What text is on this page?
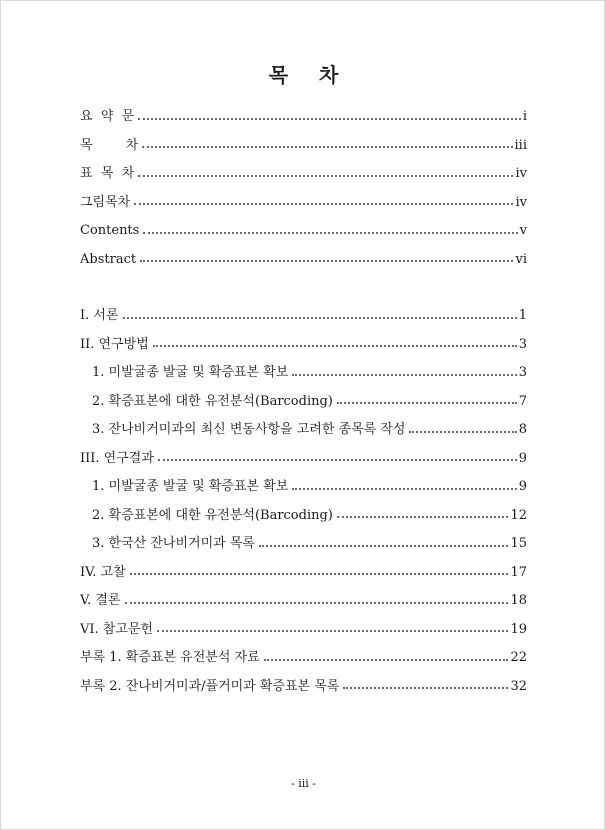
목 차
요  약  문	i
목        차	iii
표  목  차	iv
그림목차	iv
Contents	v
Abstract	vi
I. 서론	1
II. 연구방법	3
1. 미발굴종 발굴 및 확증표본 확보	3
2. 확증표본에 대한 유전분석(Barcoding)	7
3. 잔나비거미과의 최신 변동사항을 고려한 종목록 작성	8
III. 연구결과	9
1. 미발굴종 발굴 및 확증표본 확보	9
2. 확증표본에 대한 유전분석(Barcoding)	12
3. 한국산 잔나비거미과 목록	15
IV. 고찰	17
V. 결론	18
VI. 참고문헌	19
부록 1. 확증표본 유전분석 자료	22
부록 2. 잔나비거미과/플거미과 확증표본 목록	32
- iii -
